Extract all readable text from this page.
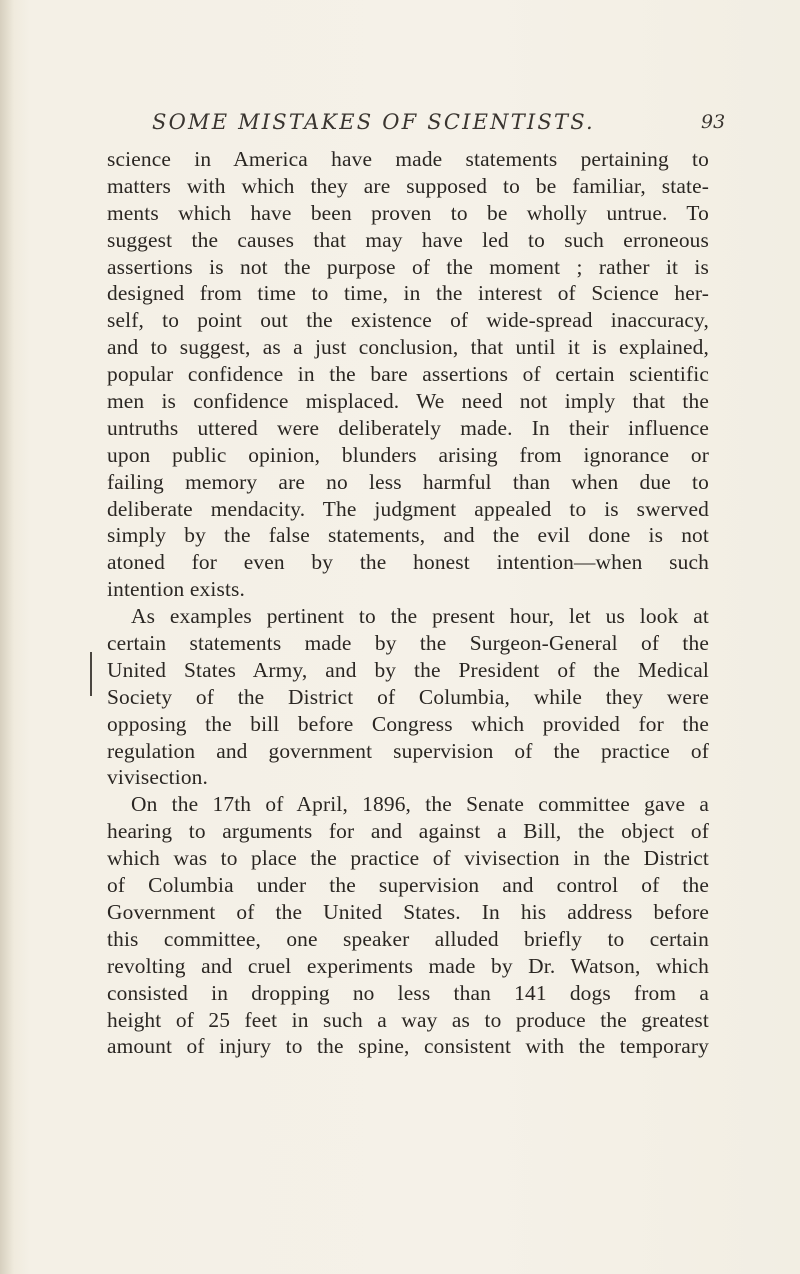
SOME MISTAKES OF SCIENTISTS.	93
science in America have made statements pertaining to
matters with which they are supposed to be familiar, state-
ments which have been proven to be wholly untrue. To
suggest the causes that may have led to such erroneous
assertions is not the purpose of the moment ; rather it is
designed from time to time, in the interest of Science her-
self, to point out the existence of wide-spread inaccuracy,
and to suggest, as a just conclusion, that until it is explained,
popular confidence in the bare assertions of certain scientific
men is confidence misplaced. We need not imply that the
untruths uttered were deliberately made. In their influence
upon public opinion, blunders arising from ignorance or
failing memory are no less harmful than when due to
deliberate mendacity. The judgment appealed to is swerved
simply by the false statements, and the evil done is not
atoned for even by the honest intention—when such
intention exists.
As examples pertinent to the present hour, let us look at
certain statements made by the Surgeon-General of the
United States Army, and by the President of the Medical
Society of the District of Columbia, while they were
opposing the bill before Congress which provided for the
regulation and government supervision of the practice of
vivisection.
On the 17th of April, 1896, the Senate committee gave a
hearing to arguments for and against a Bill, the object of
which was to place the practice of vivisection in the District
of Columbia under the supervision and control of the
Government of the United States. In his address before
this committee, one speaker alluded briefly to certain
revolting and cruel experiments made by Dr. Watson, which
consisted in dropping no less than 141 dogs from a
height of 25 feet in such a way as to produce the greatest
amount of injury to the spine, consistent with the temporary
